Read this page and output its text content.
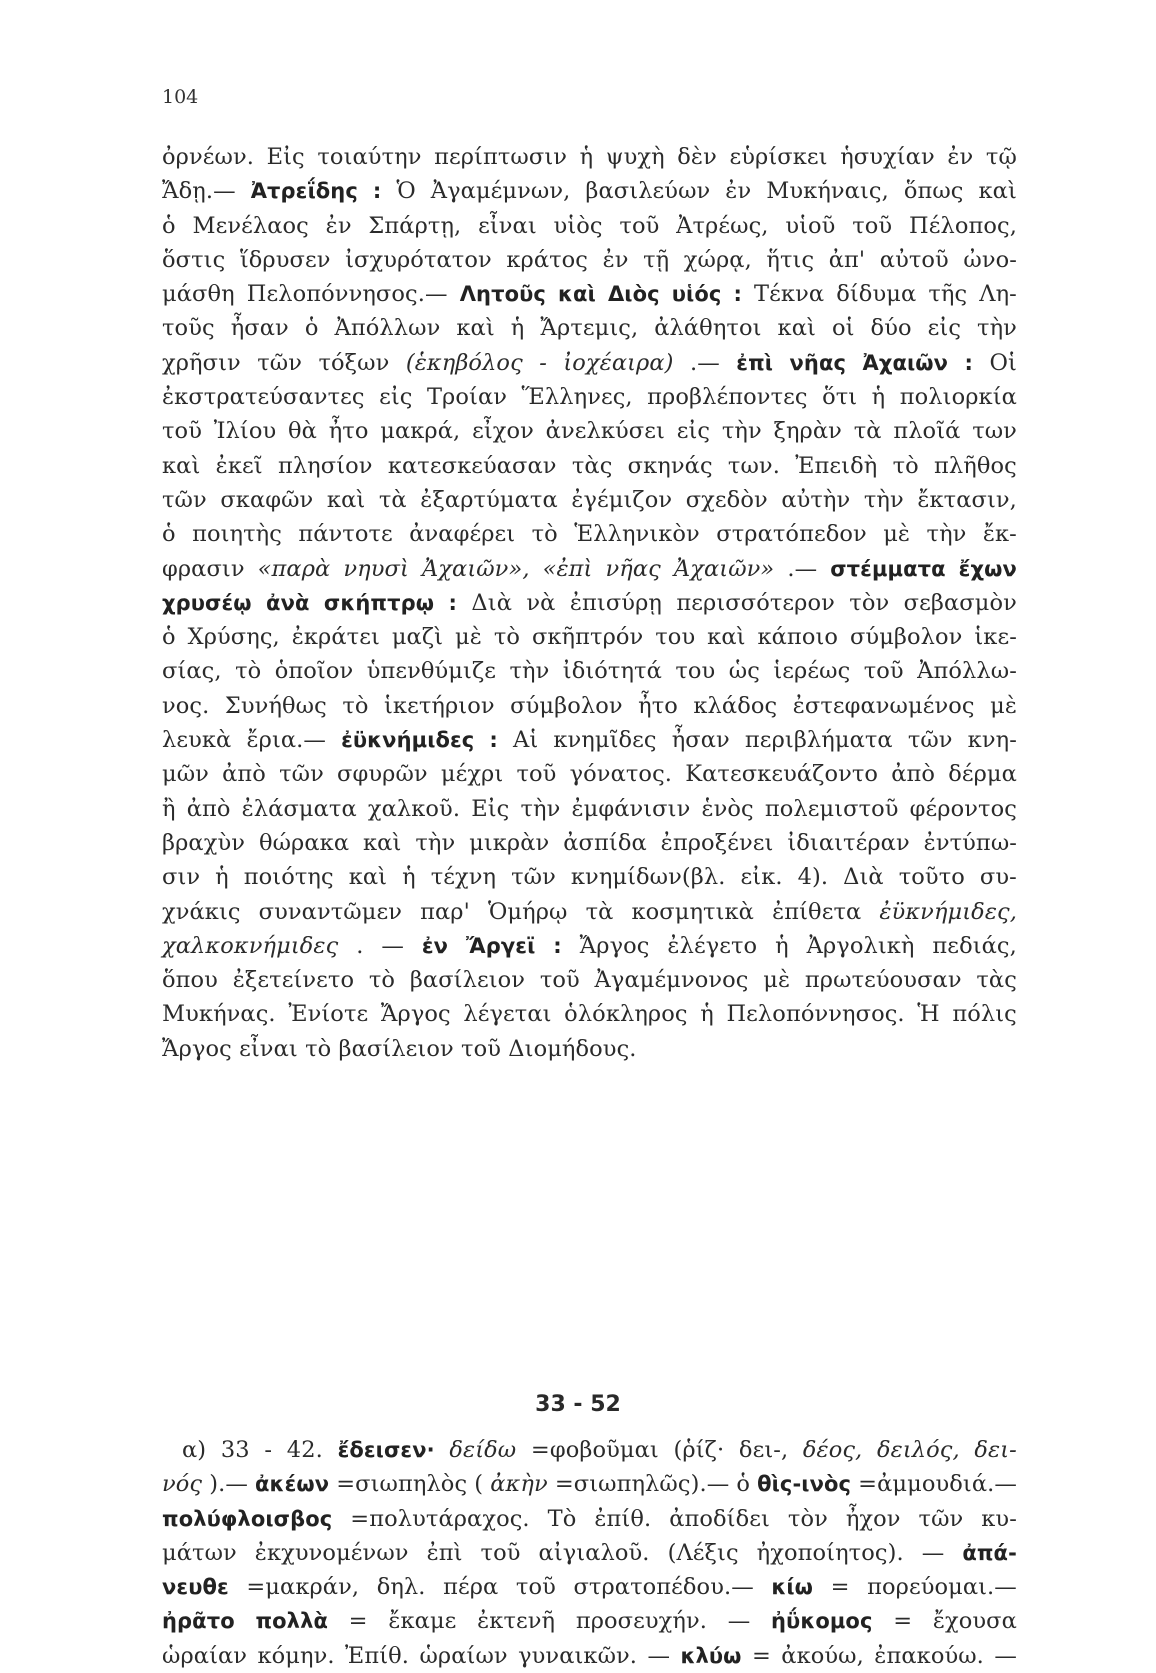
104
ὀρνέων. Εἰς τοιαύτην περίπτωσιν ἡ ψυχὴ δὲν εὑρίσκει ἡσυχίαν ἐν τῷ
Ἄδῃ.— Ἀτρεΐδης : Ὁ Ἀγαμέμνων, βασιλεύων ἐν Μυκήναις, ὅπως καὶ
ὁ Μενέλαος ἐν Σπάρτῃ, εἶναι υἱὸς τοῦ Ἀτρέως, υἱοῦ τοῦ Πέλοπος,
ὅστις ἵδρυσεν ἰσχυρότατον κράτος ἐν τῇ χώρᾳ, ἥτις ἀπ' αὐτοῦ ὠνο-
μάσθη Πελοπόννησος.— Λητοῦς καὶ Διὸς υἱός : Τέκνα δίδυμα τῆς Λη-
τοῦς ἦσαν ὁ Ἀπόλλων καὶ ἡ Ἄρτεμις, ἀλάθητοι καὶ οἱ δύο εἰς τὴν
χρῆσιν τῶν τόξων (ἑκηβόλος - ἰοχέαιρα) .— ἐπὶ νῆας Ἀχαιῶν : Οἱ
ἐκστρατεύσαντες εἰς Τροίαν Ἕλληνες, προβλέποντες ὅτι ἡ πολιορκία
τοῦ Ἰλίου θὰ ἦτο μακρά, εἶχον ἀνελκύσει εἰς τὴν ξηρὰν τὰ πλοῖά των
καὶ ἐκεῖ πλησίον κατεσκεύασαν τὰς σκηνάς των. Ἐπειδὴ τὸ πλῆθος
τῶν σκαφῶν καὶ τὰ ἐξαρτύματα ἐγέμιζον σχεδὸν αὐτὴν τὴν ἔκτασιν,
ὁ ποιητὴς πάντοτε ἀναφέρει τὸ Ἑλληνικὸν στρατόπεδον μὲ τὴν ἔκ-
φρασιν «παρὰ νηυσὶ Ἀχαιῶν», «ἐπὶ νῆας Ἀχαιῶν» .— στέμματα ἔχων
χρυσέῳ ἀνὰ σκήπτρῳ : Διὰ νὰ ἐπισύρῃ περισσότερον τὸν σεβασμὸν
ὁ Χρύσης, ἐκράτει μαζὶ μὲ τὸ σκῆπτρόν του καὶ κάποιο σύμβολον ἱκε-
σίας, τὸ ὁποῖον ὑπενθύμιζε τὴν ἰδιότητά του ὡς ἱερέως τοῦ Ἀπόλλω-
νος. Συνήθως τὸ ἱκετήριον σύμβολον ἦτο κλάδος ἐστεφανωμένος μὲ
λευκὰ ἔρια.— ἐϋκνήμιδες : Αἱ κνημῖδες ἦσαν περιβλήματα τῶν κνη-
μῶν ἀπὸ τῶν σφυρῶν μέχρι τοῦ γόνατος. Κατεσκευάζοντο ἀπὸ δέρμα
ἢ ἀπὸ ἐλάσματα χαλκοῦ. Εἰς τὴν ἐμφάνισιν ἑνὸς πολεμιστοῦ φέροντος
βραχὺν θώρακα καὶ τὴν μικρὰν ἀσπίδα ἐπροξένει ἰδιαιτέραν ἐντύπω-
σιν ἡ ποιότης καὶ ἡ τέχνη τῶν κνημίδων(βλ. εἰκ. 4). Διὰ τοῦτο συ-
χνάκις συναντῶμεν παρ' Ὁμήρῳ τὰ κοσμητικὰ ἐπίθετα ἐϋκνήμιδες,
χαλκοκνήμιδες . — ἐν Ἄργεϊ : Ἄργος ἐλέγετο ἡ Ἀργολικὴ πεδιάς,
ὅπου ἐξετείνετο τὸ βασίλειον τοῦ Ἀγαμέμνονος μὲ πρωτεύουσαν τὰς
Μυκήνας. Ἐνίοτε Ἄργος λέγεται ὁλόκληρος ἡ Πελοπόννησος. Ἡ πόλις
Ἄργος
εἶναι
τὸ
βασίλειον
τοῦ
Διομήδους.
33 - 52
α) 33 - 42. ἔδεισεν· δείδω =φοβοῦμαι (ῥίζ· δει-, δέος, δειλός, δει-
νός ).— ἀκέων =σιωπηλὸς ( ἀκὴν =σιωπηλῶς).— ὁ θὶς-ινὸς =ἀμμουδιά.—
πολύφλοισβος =πολυτάραχος. Τὸ ἐπίθ. ἀποδίδει τὸν ἦχον τῶν κυ-
μάτων ἐκχυνομένων ἐπὶ τοῦ αἰγιαλοῦ. (Λέξις ἠχοποίητος). — ἀπά-
νευθε =μακράν, δηλ. πέρα τοῦ στρατοπέδου.— κίω = πορεύομαι.—
ἠρᾶτο πολλὰ = ἔκαμε ἐκτενῆ προσευχήν. — ἠΰκομος = ἔχουσα
ὡραίαν κόμην. Ἐπίθ. ὡραίων γυναικῶν. — κλύω = ἀκούω, ἐπακούω. —
